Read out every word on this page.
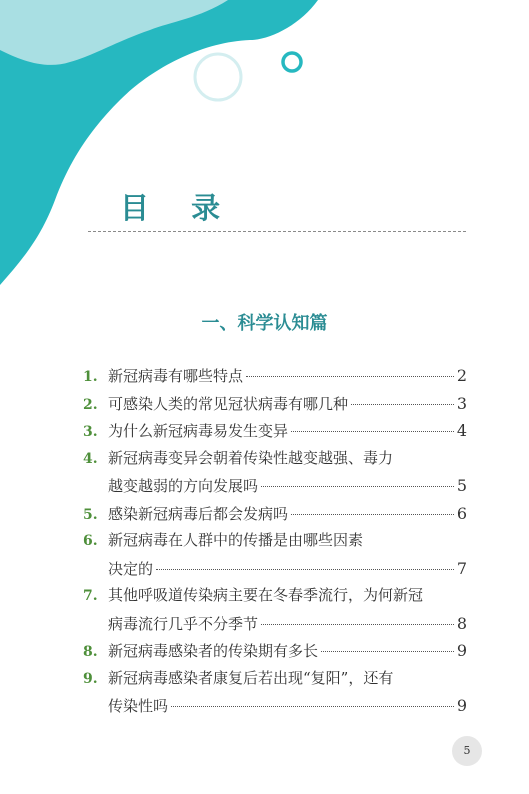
目 录
一、科学认知篇
1. 新冠病毒有哪些特点	2
2. 可感染人类的常见冠状病毒有哪几种	3
3. 为什么新冠病毒易发生变异	4
4. 新冠病毒变异会朝着传染性越变越强、毒力
越变越弱的方向发展吗	5
5. 感染新冠病毒后都会发病吗	6
6. 新冠病毒在人群中的传播是由哪些因素
决定的	7
7. 其他呼吸道传染病主要在冬春季流行，为何新冠
病毒流行几乎不分季节	8
8. 新冠病毒感染者的传染期有多长	9
9. 新冠病毒感染者康复后若出现“复阳”，还有
传染性吗	9
5
